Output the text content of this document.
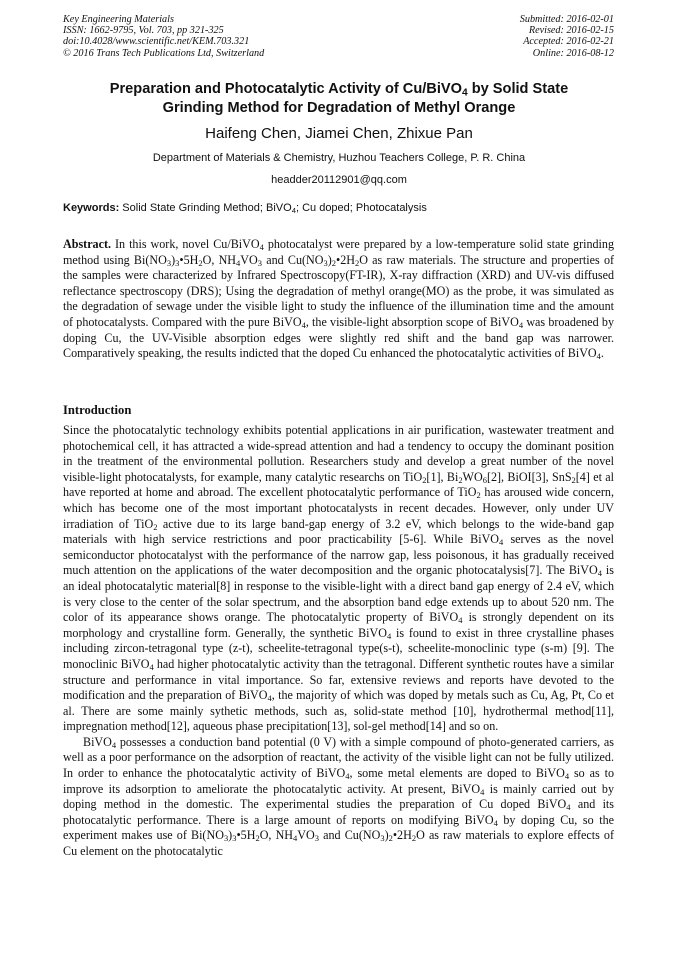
Key Engineering Materials
ISSN: 1662-9795, Vol. 703, pp 321-325
doi:10.4028/www.scientific.net/KEM.703.321
© 2016 Trans Tech Publications Ltd, Switzerland
Submitted: 2016-02-01
Revised: 2016-02-15
Accepted: 2016-02-21
Online: 2016-08-12
Preparation and Photocatalytic Activity of Cu/BiVO$_4$ by Solid State
Grinding Method for Degradation of Methyl Orange
Haifeng Chen, Jiamei Chen, Zhixue Pan
Department of Materials & Chemistry, Huzhou Teachers College, P. R. China
headder20112901@qq.com
Keywords: Solid State Grinding Method; BiVO$_4$; Cu doped; Photocatalysis

Abstract. In this work, novel Cu/BiVO$_4$ photocatalyst were prepared by a low-temperature solid state grinding method using $Bi(NO_3)_3•5H_2O$, $NH_4VO_3$ and $Cu(NO_3)_2•2H_2O$ as raw materials. The structure and properties of the samples were characterized by Infrared Spectroscopy(FT-IR), X-ray diffraction (XRD) and UV-vis diffused reflectance spectroscopy (DRS); Using the degradation of methyl orange(MO) as the probe, it was simulated as the degradation of sewage under the visible light to study the influence of the illumination time and the amount of photocatalysts. Compared with the pure BiVO$_4$, the visible-light absorption scope of BiVO$_4$ was broadened by doping Cu, the UV-Visible absorption edges were slightly red shift and the band gap was narrower. Comparatively speaking, the results indicted that the doped Cu enhanced the photocatalytic activities of BiVO$_4$.

Introduction

Since the photocatalytic technology exhibits potential applications in air purification, wastewater treatment and photochemical cell, it has attracted a wide-spread attention and had a tendency to occupy the dominant position in the treatment of the environmental pollution. Researchers study and develop a great number of the novel visible-light photocatalysts, for example, many catalytic researchs on TiO$_2$[1], $Bi_2WO_6[2]$, BiOI[3], SnS$_2$[4] et al have reported at home and abroad. The excellent photocatalytic performance of TiO$_2$ has aroused wide concern, which has become one of the most important photocatalysts in recent decades. However, only under UV irradiation of TiO$_2$ active due to its large band-gap energy of 3.2 eV, which belongs to the wide-band gap materials with high service restrictions and poor practicability [5-6]. While BiVO$_4$ serves as the novel semiconductor photocatalyst with the performance of the narrow gap, less poisonous, it has gradually received much attention on the applications of the water decomposition and the organic photocatalysis[7]. The BiVO$_4$ is an ideal photocatalytic material[8] in response to the visible-light with a direct band gap energy of 2.4 eV, which is very close to the center of the solar spectrum, and the absorption band edge extends up to about 520 nm. The color of its appearance shows orange. The photocatalytic property of BiVO$_4$ is strongly dependent on its morphology and crystalline form. Generally, the synthetic BiVO$_4$ is found to exist in three crystalline phases including zircon-tetragonal type (z-t), scheelite-tetragonal type(s-t), scheelite-monoclinic type (s-m) [9]. The monoclinic BiVO$_4$ had higher photocatalytic activity than the tetragonal. Different synthetic routes have a similar structure and performance in vital importance. So far, extensive reviews and reports have devoted to the modification and the preparation of BiVO$_4$, the majority of which was doped by metals such as Cu, Ag, Pt, Co et al. There are some mainly sythetic methods, such as, solid-state method [10], hydrothermal method[11], impregnation method[12], aqueous phase precipitation[13], sol-gel method[14] and so on.

BiVO$_4$ possesses a conduction band potential (0 V) with a simple compound of photo-generated carriers, as well as a poor performance on the adsorption of reactant, the activity of the visible light can not be fully utilized. In order to enhance the photocatalytic activity of BiVO$_4$, some metal elements are doped to BiVO$_4$ so as to improve its adsorption to ameliorate the photocatalytic activity. At present, BiVO$_4$ is mainly carried out by doping method in the domestic. The experimental studies the preparation of Cu doped BiVO$_4$ and its photocatalytic performance. There is a large amount of reports on modifying BiVO$_4$ by doping Cu, so the experiment makes use of $Bi(NO_3)_3•5H_2O$, $NH_4VO_3$ and $Cu(NO_3)_2•2H_2O$ as raw materials to explore effects of Cu element on the photocatalytic
